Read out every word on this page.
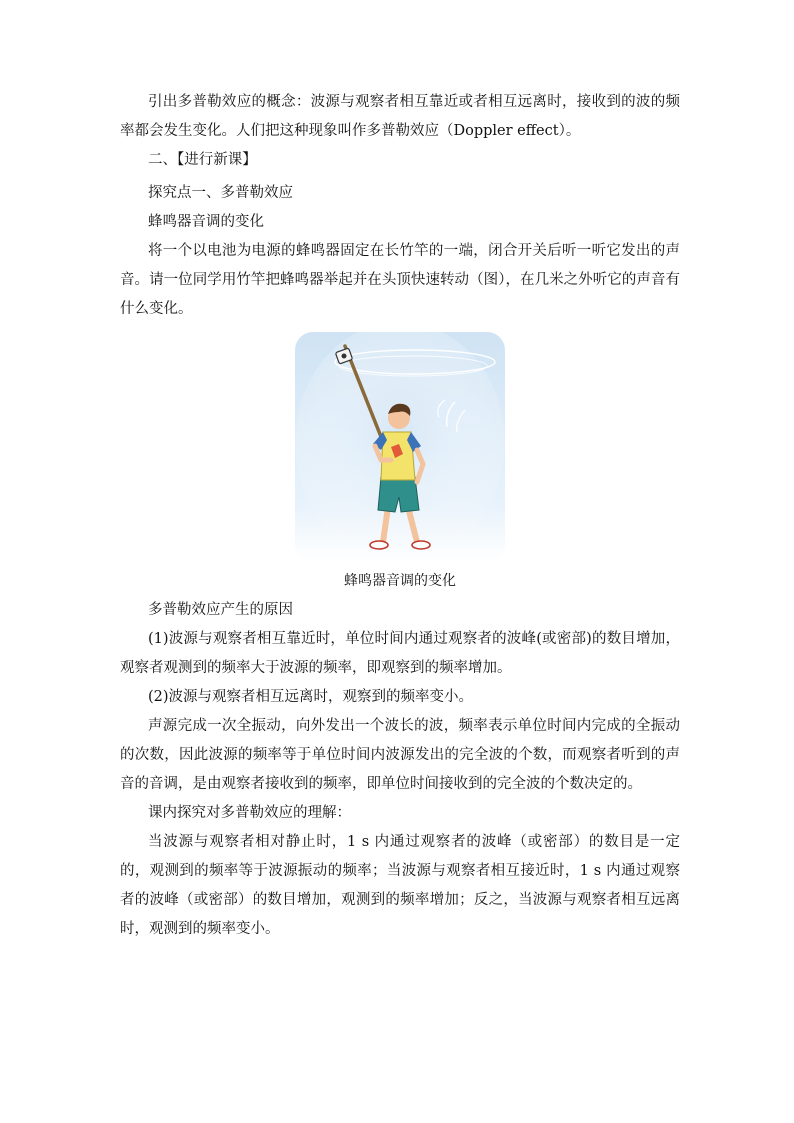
引出多普勒效应的概念：波源与观察者相互靠近或者相互远离时，接收到的波的频率都会发生变化。人们把这种现象叫作多普勒效应（Doppler effect）。

二、【进行新课】

探究点一、多普勒效应

蜂鸣器音调的变化

将一个以电池为电源的蜂鸣器固定在长竹竿的一端，闭合开关后听一听它发出的声音。请一位同学用竹竿把蜂鸣器举起并在头顶快速转动（图），在几米之外听它的声音有什么变化。

蜂鸣器音调的变化

多普勒效应产生的原因

(1)波源与观察者相互靠近时，单位时间内通过观察者的波峰(或密部)的数目增加，观察者观测到的频率大于波源的频率，即观察到的频率增加。

(2)波源与观察者相互远离时，观察到的频率变小。

声源完成一次全振动，向外发出一个波长的波，频率表示单位时间内完成的全振动的次数，因此波源的频率等于单位时间内波源发出的完全波的个数，而观察者听到的声音的音调，是由观察者接收到的频率，即单位时间接收到的完全波的个数决定的。

课内探究对多普勒效应的理解：

当波源与观察者相对静止时，1 s 内通过观察者的波峰（或密部）的数目是一定的，观测到的频率等于波源振动的频率；当波源与观察者相互接近时，1 s 内通过观察者的波峰（或密部）的数目增加，观测到的频率增加；反之，当波源与观察者相互远离时，观测到的频率变小。
